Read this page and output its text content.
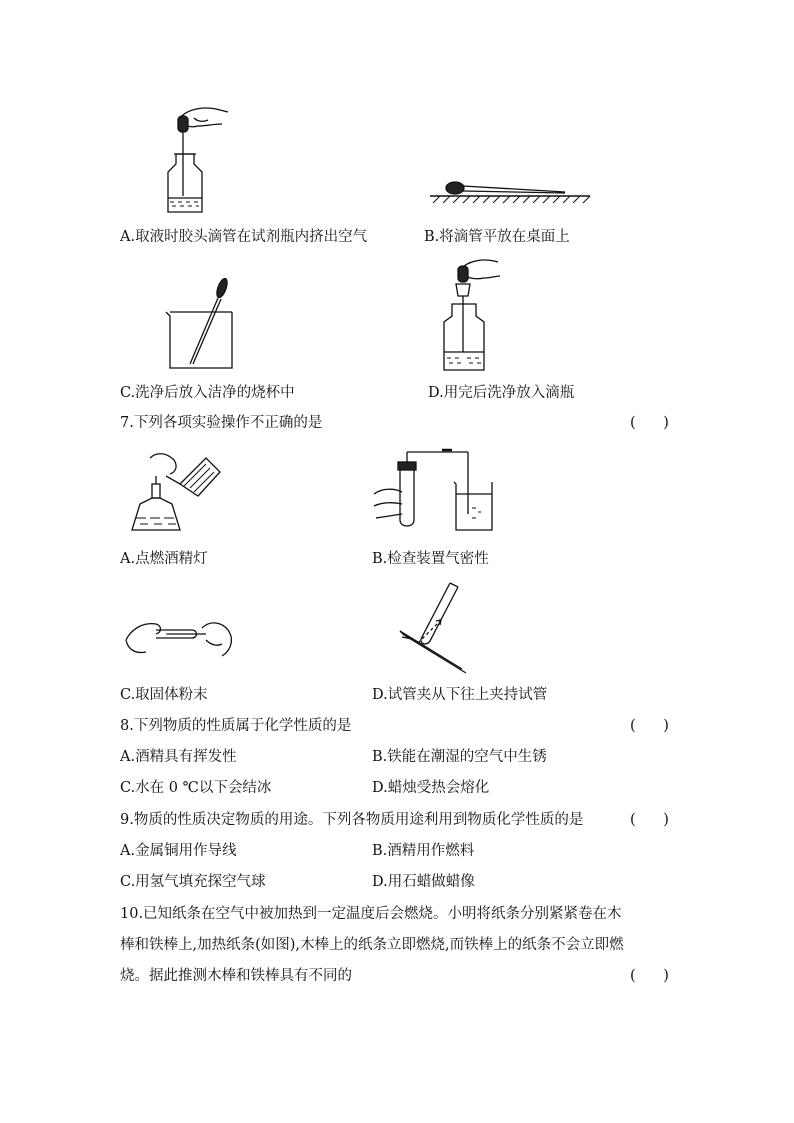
A.取液时胶头滴管在试剂瓶内挤出空气	B.将滴管平放在桌面上
C.洗净后放入洁净的烧杯中	D.用完后洗净放入滴瓶
7.下列各项实验操作不正确的是	(      )
A.点燃酒精灯	B.检查装置气密性
C.取固体粉末	D.试管夹从下往上夹持试管
8.下列物质的性质属于化学性质的是	(      )
A.酒精具有挥发性	B.铁能在潮湿的空气中生锈
C.水在 0 ℃以下会结冰	D.蜡烛受热会熔化
9.物质的性质决定物质的用途。下列各物质用途利用到物质化学性质的是	(      )
A.金属铜用作导线	B.酒精用作燃料
C.用氢气填充探空气球	D.用石蜡做蜡像
10.已知纸条在空气中被加热到一定温度后会燃烧。小明将纸条分别紧紧卷在木
棒和铁棒上,加热纸条(如图),木棒上的纸条立即燃烧,而铁棒上的纸条不会立即燃
烧。据此推测木棒和铁棒具有不同的	(      )
